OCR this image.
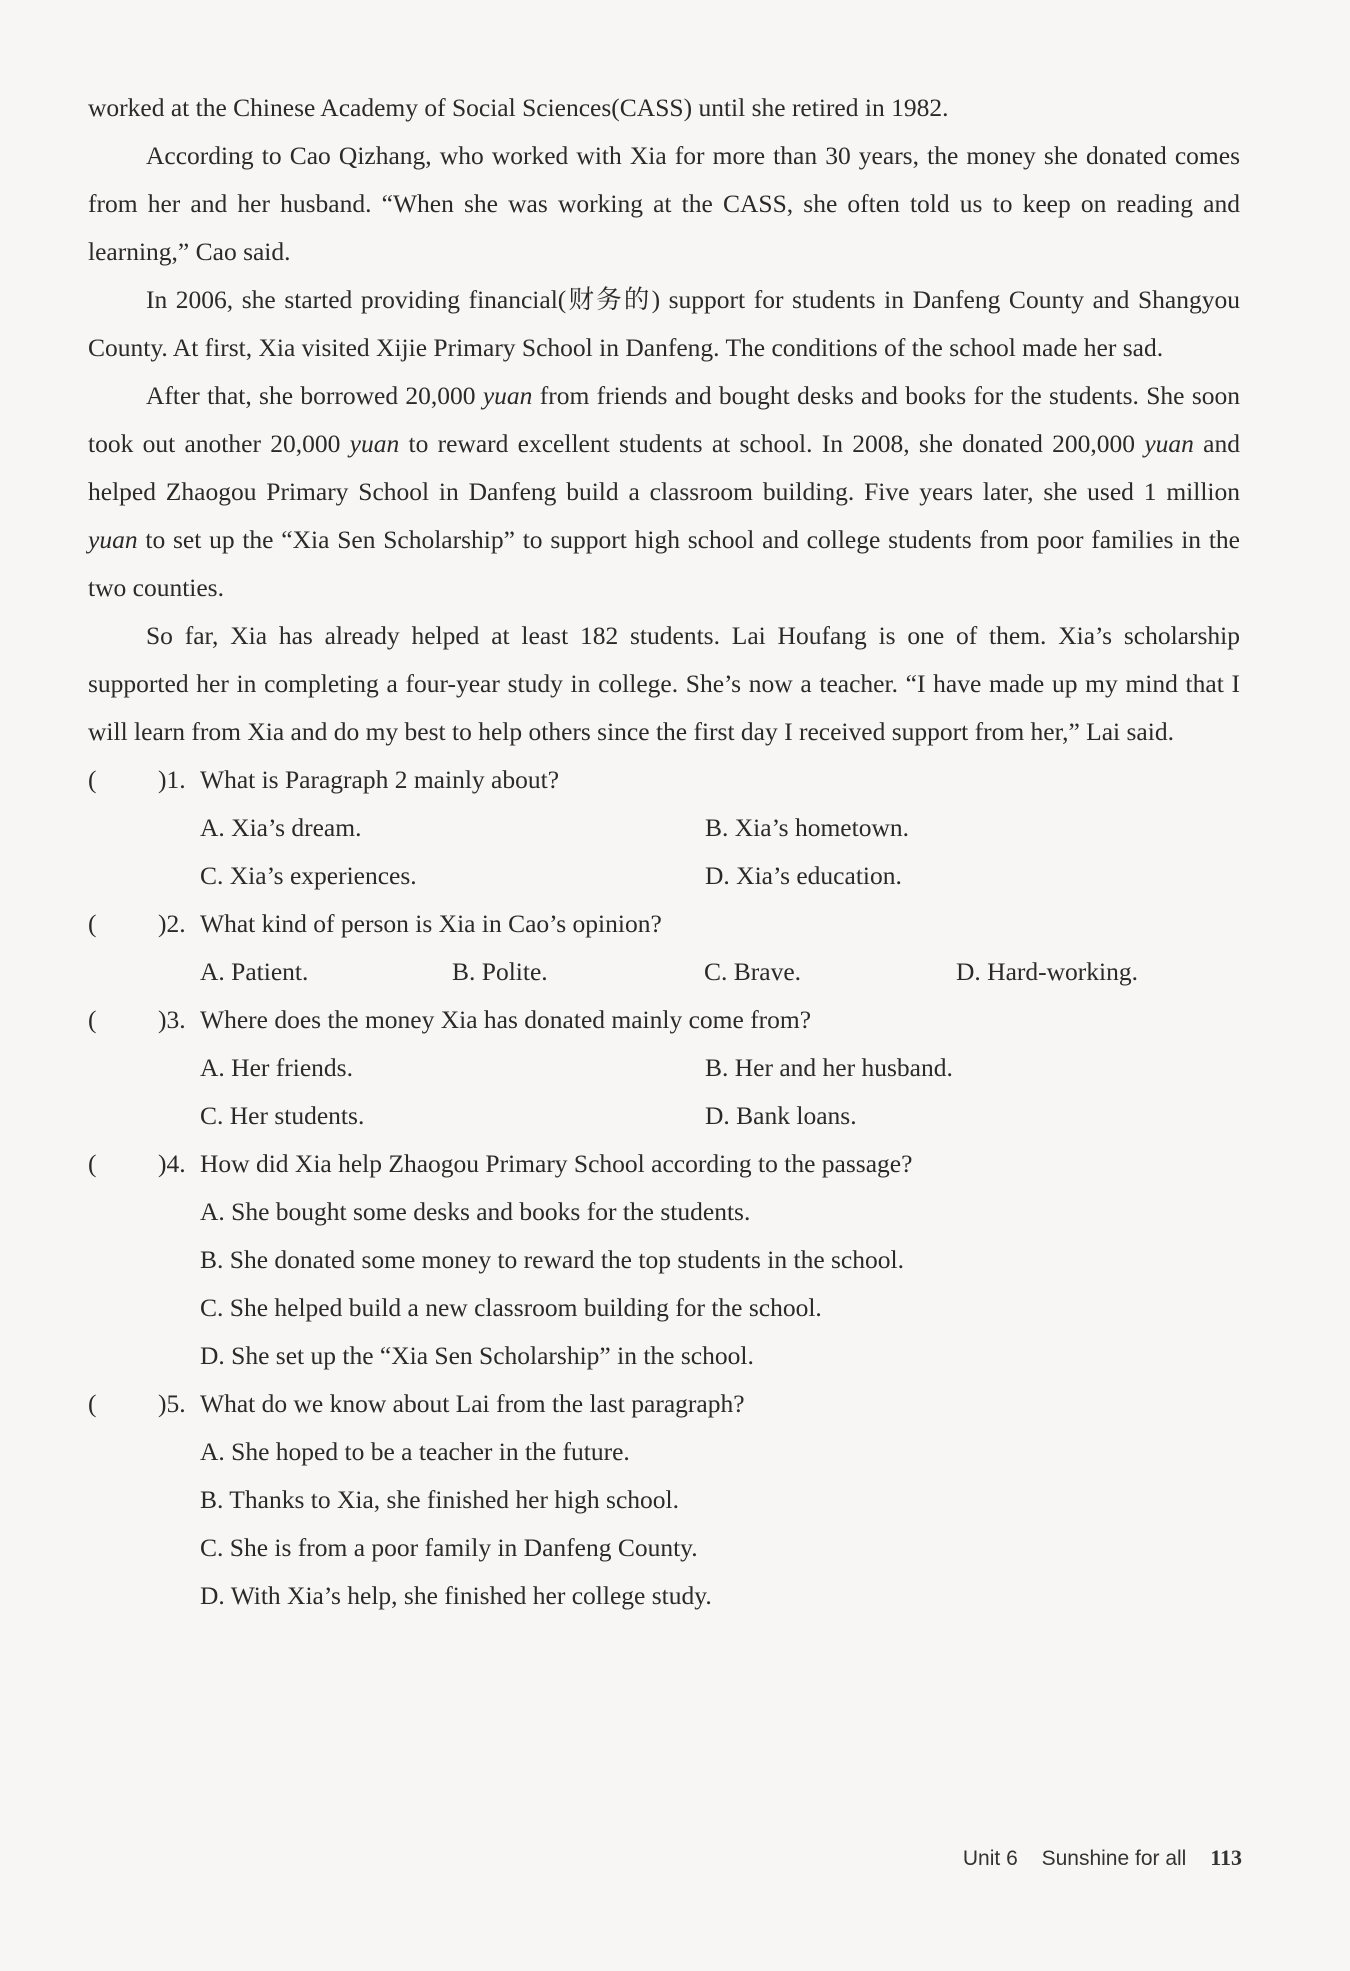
worked at the Chinese Academy of Social Sciences(CASS) until she retired in 1982.

According to Cao Qizhang, who worked with Xia for more than 30 years, the money she donated comes from her and her husband. “When she was working at the CASS, she often told us to keep on reading and learning,” Cao said.

In 2006, she started providing financial(财务的) support for students in Danfeng County and Shangyou County. At first, Xia visited Xijie Primary School in Danfeng. The conditions of the school made her sad.

After that, she borrowed 20,000 yuan from friends and bought desks and books for the students. She soon took out another 20,000 yuan to reward excellent students at school. In 2008, she donated 200,000 yuan and helped Zhaogou Primary School in Danfeng build a classroom building. Five years later, she used 1 million yuan to set up the “Xia Sen Scholarship” to support high school and college students from poor families in the two counties.

So far, Xia has already helped at least 182 students. Lai Houfang is one of them. Xia’s scholarship supported her in completing a four-year study in college. She’s now a teacher. “I have made up my mind that I will learn from Xia and do my best to help others since the first day I received support from her,” Lai said.

( )1. What is Paragraph 2 mainly about?
A. Xia’s dream.	B. Xia’s hometown.
C. Xia’s experiences.	D. Xia’s education.
( )2. What kind of person is Xia in Cao’s opinion?
A. Patient.	B. Polite.	C. Brave.	D. Hard-working.
( )3. Where does the money Xia has donated mainly come from?
A. Her friends.	B. Her and her husband.
C. Her students.	D. Bank loans.
( )4. How did Xia help Zhaogou Primary School according to the passage?
A. She bought some desks and books for the students.
B. She donated some money to reward the top students in the school.
C. She helped build a new classroom building for the school.
D. She set up the “Xia Sen Scholarship” in the school.
( )5. What do we know about Lai from the last paragraph?
A. She hoped to be a teacher in the future.
B. Thanks to Xia, she finished her high school.
C. She is from a poor family in Danfeng County.
D. With Xia’s help, she finished her college study.
Unit 6 Sunshine for all 113
